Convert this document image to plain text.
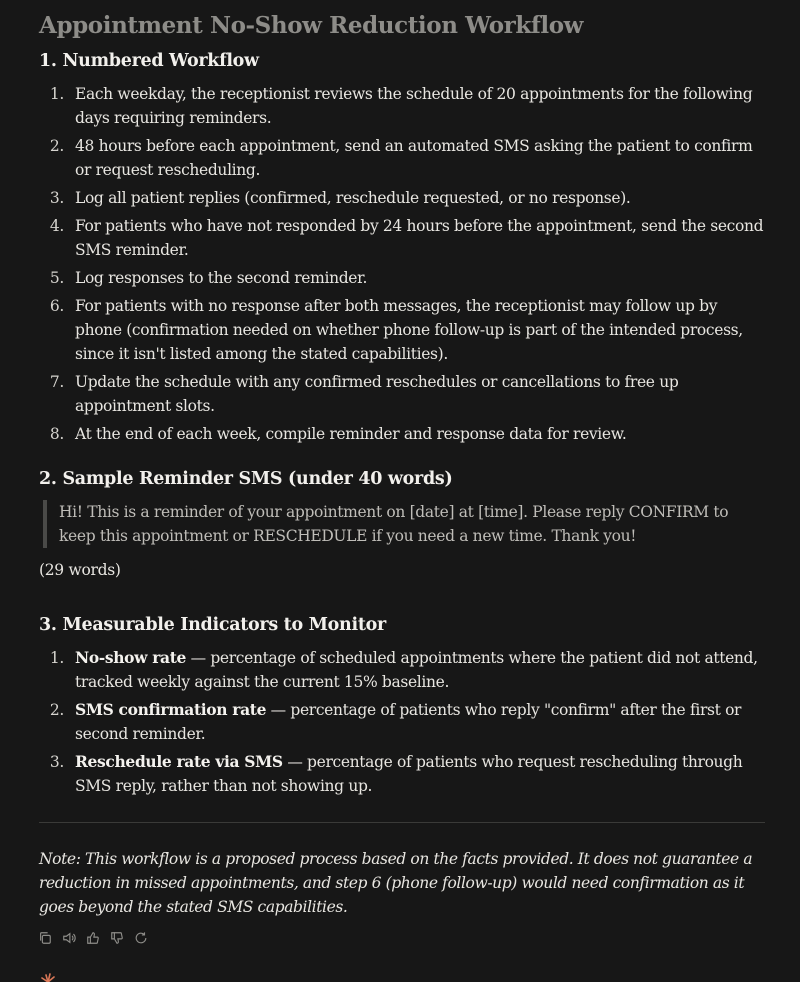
Appointment No-Show Reduction Workflow
1. Numbered Workflow
1. Each weekday, the receptionist reviews the schedule of 20 appointments for the following days requiring reminders.
2. 48 hours before each appointment, send an automated SMS asking the patient to confirm or request rescheduling.
3. Log all patient replies (confirmed, reschedule requested, or no response).
4. For patients who have not responded by 24 hours before the appointment, send the second SMS reminder.
5. Log responses to the second reminder.
6. For patients with no response after both messages, the receptionist may follow up by phone (confirmation needed on whether phone follow-up is part of the intended process, since it isn't listed among the stated capabilities).
7. Update the schedule with any confirmed reschedules or cancellations to free up appointment slots.
8. At the end of each week, compile reminder and response data for review.
2. Sample Reminder SMS (under 40 words)
Hi! This is a reminder of your appointment on [date] at [time]. Please reply CONFIRM to keep this appointment or RESCHEDULE if you need a new time. Thank you!
(29 words)
3. Measurable Indicators to Monitor
1. No-show rate — percentage of scheduled appointments where the patient did not attend, tracked weekly against the current 15% baseline.
2. SMS confirmation rate — percentage of patients who reply "confirm" after the first or second reminder.
3. Reschedule rate via SMS — percentage of patients who request rescheduling through SMS reply, rather than not showing up.
Note: This workflow is a proposed process based on the facts provided. It does not guarantee a reduction in missed appointments, and step 6 (phone follow-up) would need confirmation as it goes beyond the stated SMS capabilities.
